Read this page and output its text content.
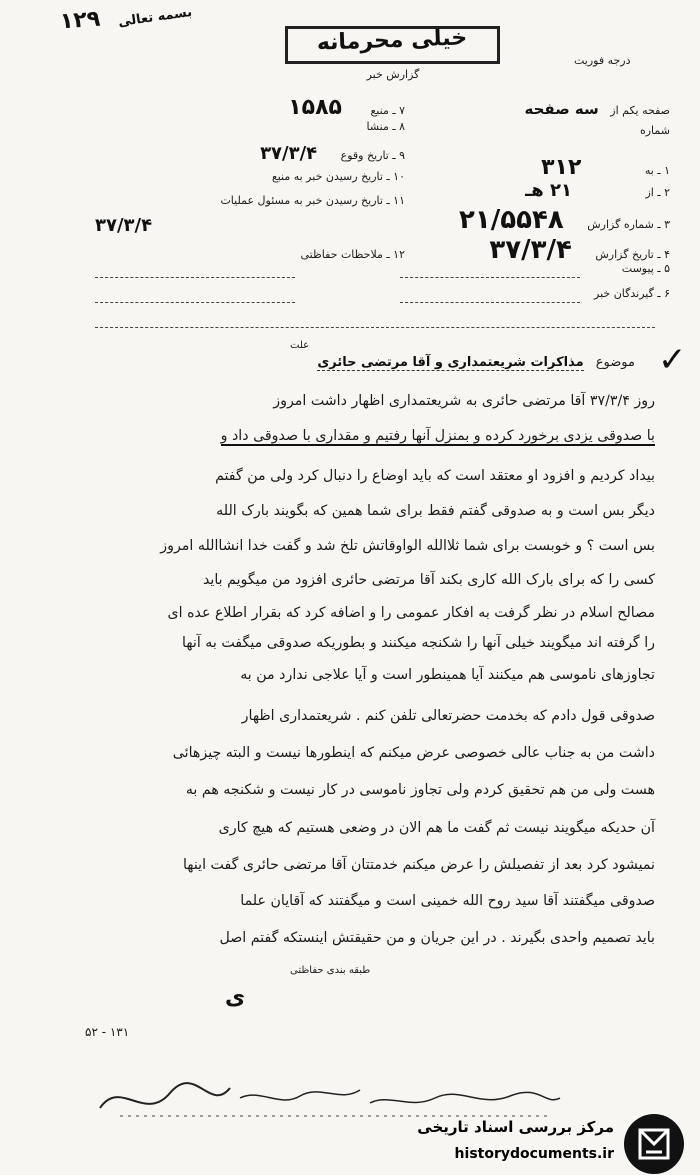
۱۲۹ بسمه تعالی
خیلی محرمانه
گزارش خبر
درجه فوریت
صفحه یکم از سه صفحه
شماره
۱ ـ به ۳۱۲
۲ ـ از ۲۱ هـ
۳ ـ شماره گزارش ۲۱/۵۵۴۸
۴ ـ تاریخ گزارش ۳۷/۳/۴
۵ ـ پیوست
۶ ـ گیرندگان خبر
۷ ـ منبع ۱۵۸۵
۸ ـ منشا
۹ ـ تاریخ وقوع ۳۷/۳/۴
۱۰ ـ تاریخ رسیدن خبر به منبع
۱۱ ـ تاریخ رسیدن خبر به مسئول عملیات
۳۷/۳/۴
۱۲ ـ ملاحظات حفاظتی
✓
علت
موضوع مذاکرات شریعتمداری و آقا مرتضی حائری
روز ۳۷/۳/۴ آقا مرتضی حائری به شریعتمداری اظهار داشت امروز
با صدوقی یزدی برخورد کرده و بمنزل آنها رفتیم و مقداری با صدوقی داد و
بیداد کردیم و افزود او معتقد است که باید اوضاع را دنبال کرد ولی من گفتم
دیگر بس است و به صدوقی گفتم فقط برای شما همین که بگویند بارک الله
بس است ؟ و خوبست برای شما ثلاالله الواوقاتش تلخ شد و گفت خدا انشاالله امروز
کسی را که برای بارک الله کاری بکند آقا مرتضی حائری افزود من میگویم باید
مصالح اسلام در نظر گرفت به افکار عمومی را و اضافه کرد که بقرار اطلاع عده ای
را گرفته اند میگویند خیلی آنها را شکنجه میکنند و بطوریکه صدوقی میگفت به آنها
تجاوزهای ناموسی هم میکنند آیا همینطور است و آیا علاجی ندارد من به
صدوقی قول دادم که بخدمت حضرتعالی تلفن کنم . شریعتمداری اظهار
داشت من به جناب عالی خصوصی عرض میکنم که اینطورها نیست و البته چیزهائی
هست ولی من هم تحقیق کردم ولی تجاوز ناموسی در کار نیست و شکنجه هم به
آن حدیکه میگویند نیست ثم گفت ما هم الان در وضعی هستیم که هیچ کاری
نمیشود کرد بعد از تفصیلش را عرض میکنم خدمتتان آقا مرتضی حائری گفت اینها
صدوقی میگفتند آقا سید روح الله خمینی است و میگفتند که آقایان علما
باید تصمیم واحدی بگیرند . در این جریان و من حقیقتش اینستکه گفتم اصل
طبقه بندی حفاظتی
ى
۵۲ - ۱۳۱
مرکز بررسی اسناد تاریخی
historydocuments.ir
